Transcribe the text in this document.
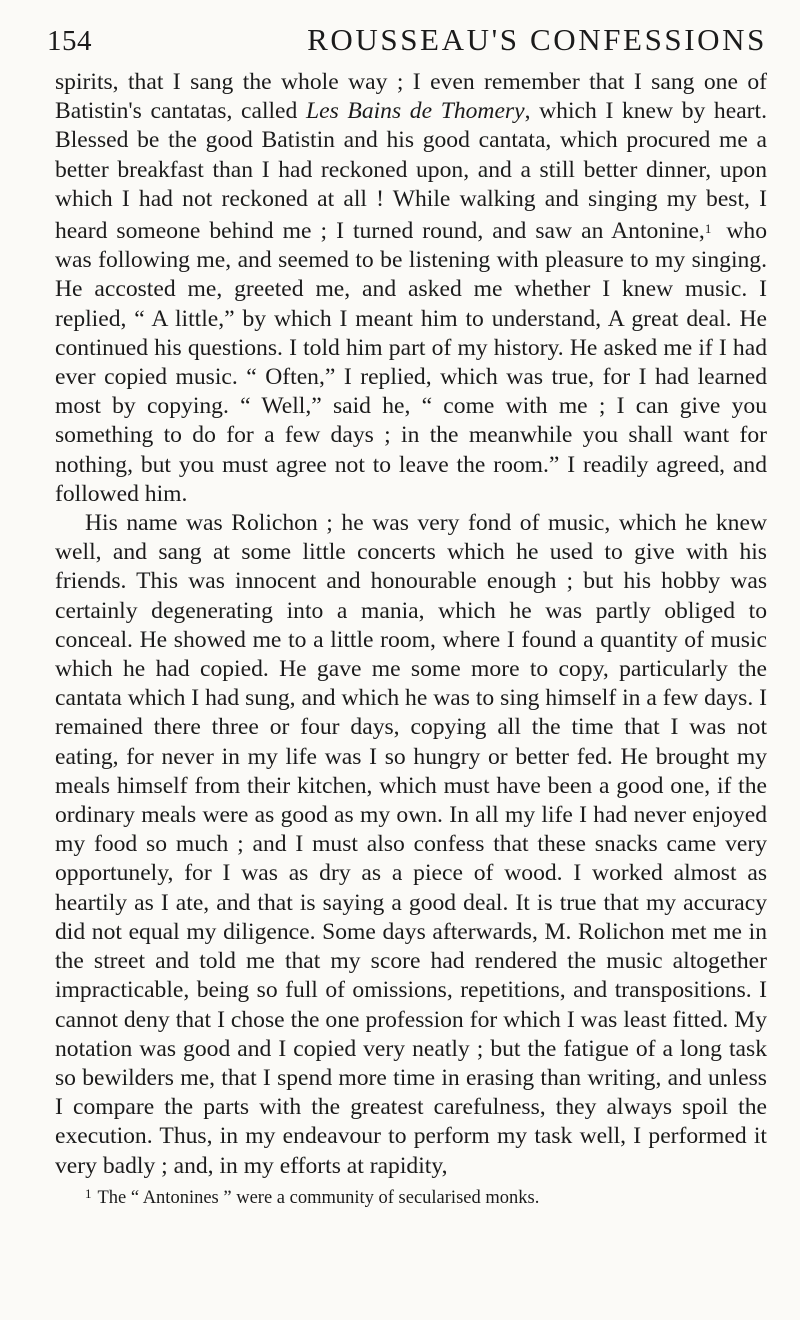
154	ROUSSEAU'S CONFESSIONS

spirits, that I sang the whole way ; I even remember that I sang one of Batistin's cantatas, called Les Bains de Thomery, which I knew by heart. Blessed be the good Batistin and his good cantata, which procured me a better breakfast than I had reckoned upon, and a still better dinner, upon which I had not reckoned at all ! While walking and singing my best, I heard someone behind me ; I turned round, and saw an Antonine,$^1$ who was following me, and seemed to be listening with pleasure to my singing. He accosted me, greeted me, and asked me whether I knew music. I replied, “ A little,” by which I meant him to understand, A great deal. He continued his questions. I told him part of my history. He asked me if I had ever copied music. “ Often,” I replied, which was true, for I had learned most by copying. “ Well,” said he, “ come with me ; I can give you something to do for a few days ; in the meanwhile you shall want for nothing, but you must agree not to leave the room.” I readily agreed, and followed him.

His name was Rolichon ; he was very fond of music, which he knew well, and sang at some little concerts which he used to give with his friends. This was innocent and honourable enough ; but his hobby was certainly degenerating into a mania, which he was partly obliged to conceal. He showed me to a little room, where I found a quantity of music which he had copied. He gave me some more to copy, particularly the cantata which I had sung, and which he was to sing himself in a few days. I remained there three or four days, copying all the time that I was not eating, for never in my life was I so hungry or better fed. He brought my meals himself from their kitchen, which must have been a good one, if the ordinary meals were as good as my own. In all my life I had never enjoyed my food so much ; and I must also confess that these snacks came very opportunely, for I was as dry as a piece of wood. I worked almost as heartily as I ate, and that is saying a good deal. It is true that my accuracy did not equal my diligence. Some days afterwards, M. Rolichon met me in the street and told me that my score had rendered the music altogether impracticable, being so full of omissions, repetitions, and transpositions. I cannot deny that I chose the one profession for which I was least fitted. My notation was good and I copied very neatly ; but the fatigue of a long task so bewilders me, that I spend more time in erasing than writing, and unless I compare the parts with the greatest carefulness, they always spoil the execution. Thus, in my endeavour to perform my task well, I performed it very badly ; and, in my efforts at rapidity,

$^1$ The “ Antonines ” were a community of secularised monks.
